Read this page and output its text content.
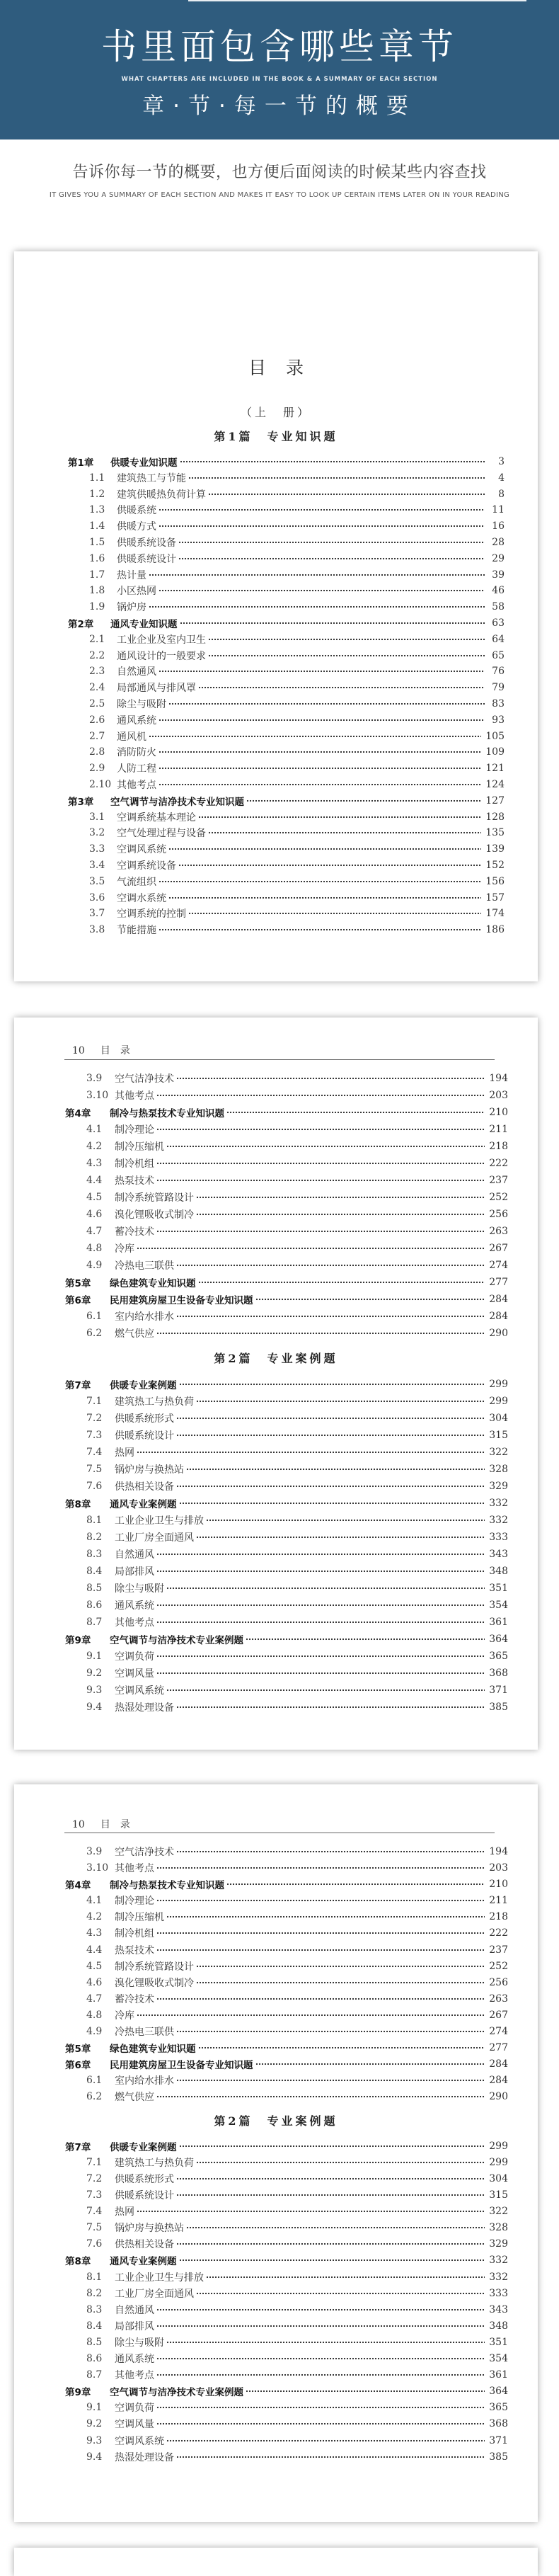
书里面包含哪些章节
WHAT CHAPTERS ARE INCLUDED IN THE BOOK & A SUMMARY OF EACH SECTION
章·节·每一节的概要
告诉你每一节的概要，也方便后面阅读的时候某些内容查找
IT GIVES YOU A SUMMARY OF EACH SECTION AND MAKES IT EASY TO LOOK UP CERTAIN ITEMS LATER ON IN YOUR READING
目录
（上　册）
第1篇　专业知识题
第1章	供暖专业知识题	3
1.1	建筑热工与节能	4
1.2	建筑供暖热负荷计算	8
1.3	供暖系统	11
1.4	供暖方式	16
1.5	供暖系统设备	28
1.6	供暖系统设计	29
1.7	热计量	39
1.8	小区热网	46
1.9	锅炉房	58
第2章	通风专业知识题	63
2.1	工业企业及室内卫生	64
2.2	通风设计的一般要求	65
2.3	自然通风	76
2.4	局部通风与排风罩	79
2.5	除尘与吸附	83
2.6	通风系统	93
2.7	通风机	105
2.8	消防防火	109
2.9	人防工程	121
2.10 其他考点	124
第3章	空气调节与洁净技术专业知识题	127
3.1	空调系统基本理论	128
3.2	空气处理过程与设备	135
3.3	空调风系统	139
3.4	空调系统设备	152
3.5	气流组织	156
3.6	空调水系统	157
3.7	空调系统的控制	174
3.8	节能措施	186
10 目录
3.9	空气洁净技术	194
3.10 其他考点	203
第4章	制冷与热泵技术专业知识题	210
4.1	制冷理论	211
4.2	制冷压缩机	218
4.3	制冷机组	222
4.4	热泵技术	237
4.5	制冷系统管路设计	252
4.6	溴化锂吸收式制冷	256
4.7	蓄冷技术	263
4.8	冷库	267
4.9	冷热电三联供	274
第5章	绿色建筑专业知识题	277
第6章	民用建筑房屋卫生设备专业知识题	284
6.1	室内给水排水	284
6.2	燃气供应	290
第7章	供暖专业案例题	299
7.1	建筑热工与热负荷	299
7.2	供暖系统形式	304
7.3	供暖系统设计	315
7.4	热网	322
7.5	锅炉房与换热站	328
7.6	供热相关设备	329
第8章	通风专业案例题	332
8.1	工业企业卫生与排放	332
8.2	工业厂房全面通风	333
8.3	自然通风	343
8.4	局部排风	348
8.5	除尘与吸附	351
8.6	通风系统	354
8.7	其他考点	361
第9章	空气调节与洁净技术专业案例题	364
9.1	空调负荷	365
9.2	空调风量	368
9.3	空调风系统	371
9.4	热湿处理设备	385
第2篇　专业案例题
10 目录
3.9	空气洁净技术	194
3.10 其他考点	203
第4章	制冷与热泵技术专业知识题	210
4.1	制冷理论	211
4.2	制冷压缩机	218
4.3	制冷机组	222
4.4	热泵技术	237
4.5	制冷系统管路设计	252
4.6	溴化锂吸收式制冷	256
4.7	蓄冷技术	263
4.8	冷库	267
4.9	冷热电三联供	274
第5章	绿色建筑专业知识题	277
第6章	民用建筑房屋卫生设备专业知识题	284
6.1	室内给水排水	284
6.2	燃气供应	290
第7章	供暖专业案例题	299
7.1	建筑热工与热负荷	299
7.2	供暖系统形式	304
7.3	供暖系统设计	315
7.4	热网	322
7.5	锅炉房与换热站	328
7.6	供热相关设备	329
第8章	通风专业案例题	332
8.1	工业企业卫生与排放	332
8.2	工业厂房全面通风	333
8.3	自然通风	343
8.4	局部排风	348
8.5	除尘与吸附	351
8.6	通风系统	354
8.7	其他考点	361
第9章	空气调节与洁净技术专业案例题	364
9.1	空调负荷	365
9.2	空调风量	368
9.3	空调风系统	371
9.4	热湿处理设备	385
第2篇　专业案例题
